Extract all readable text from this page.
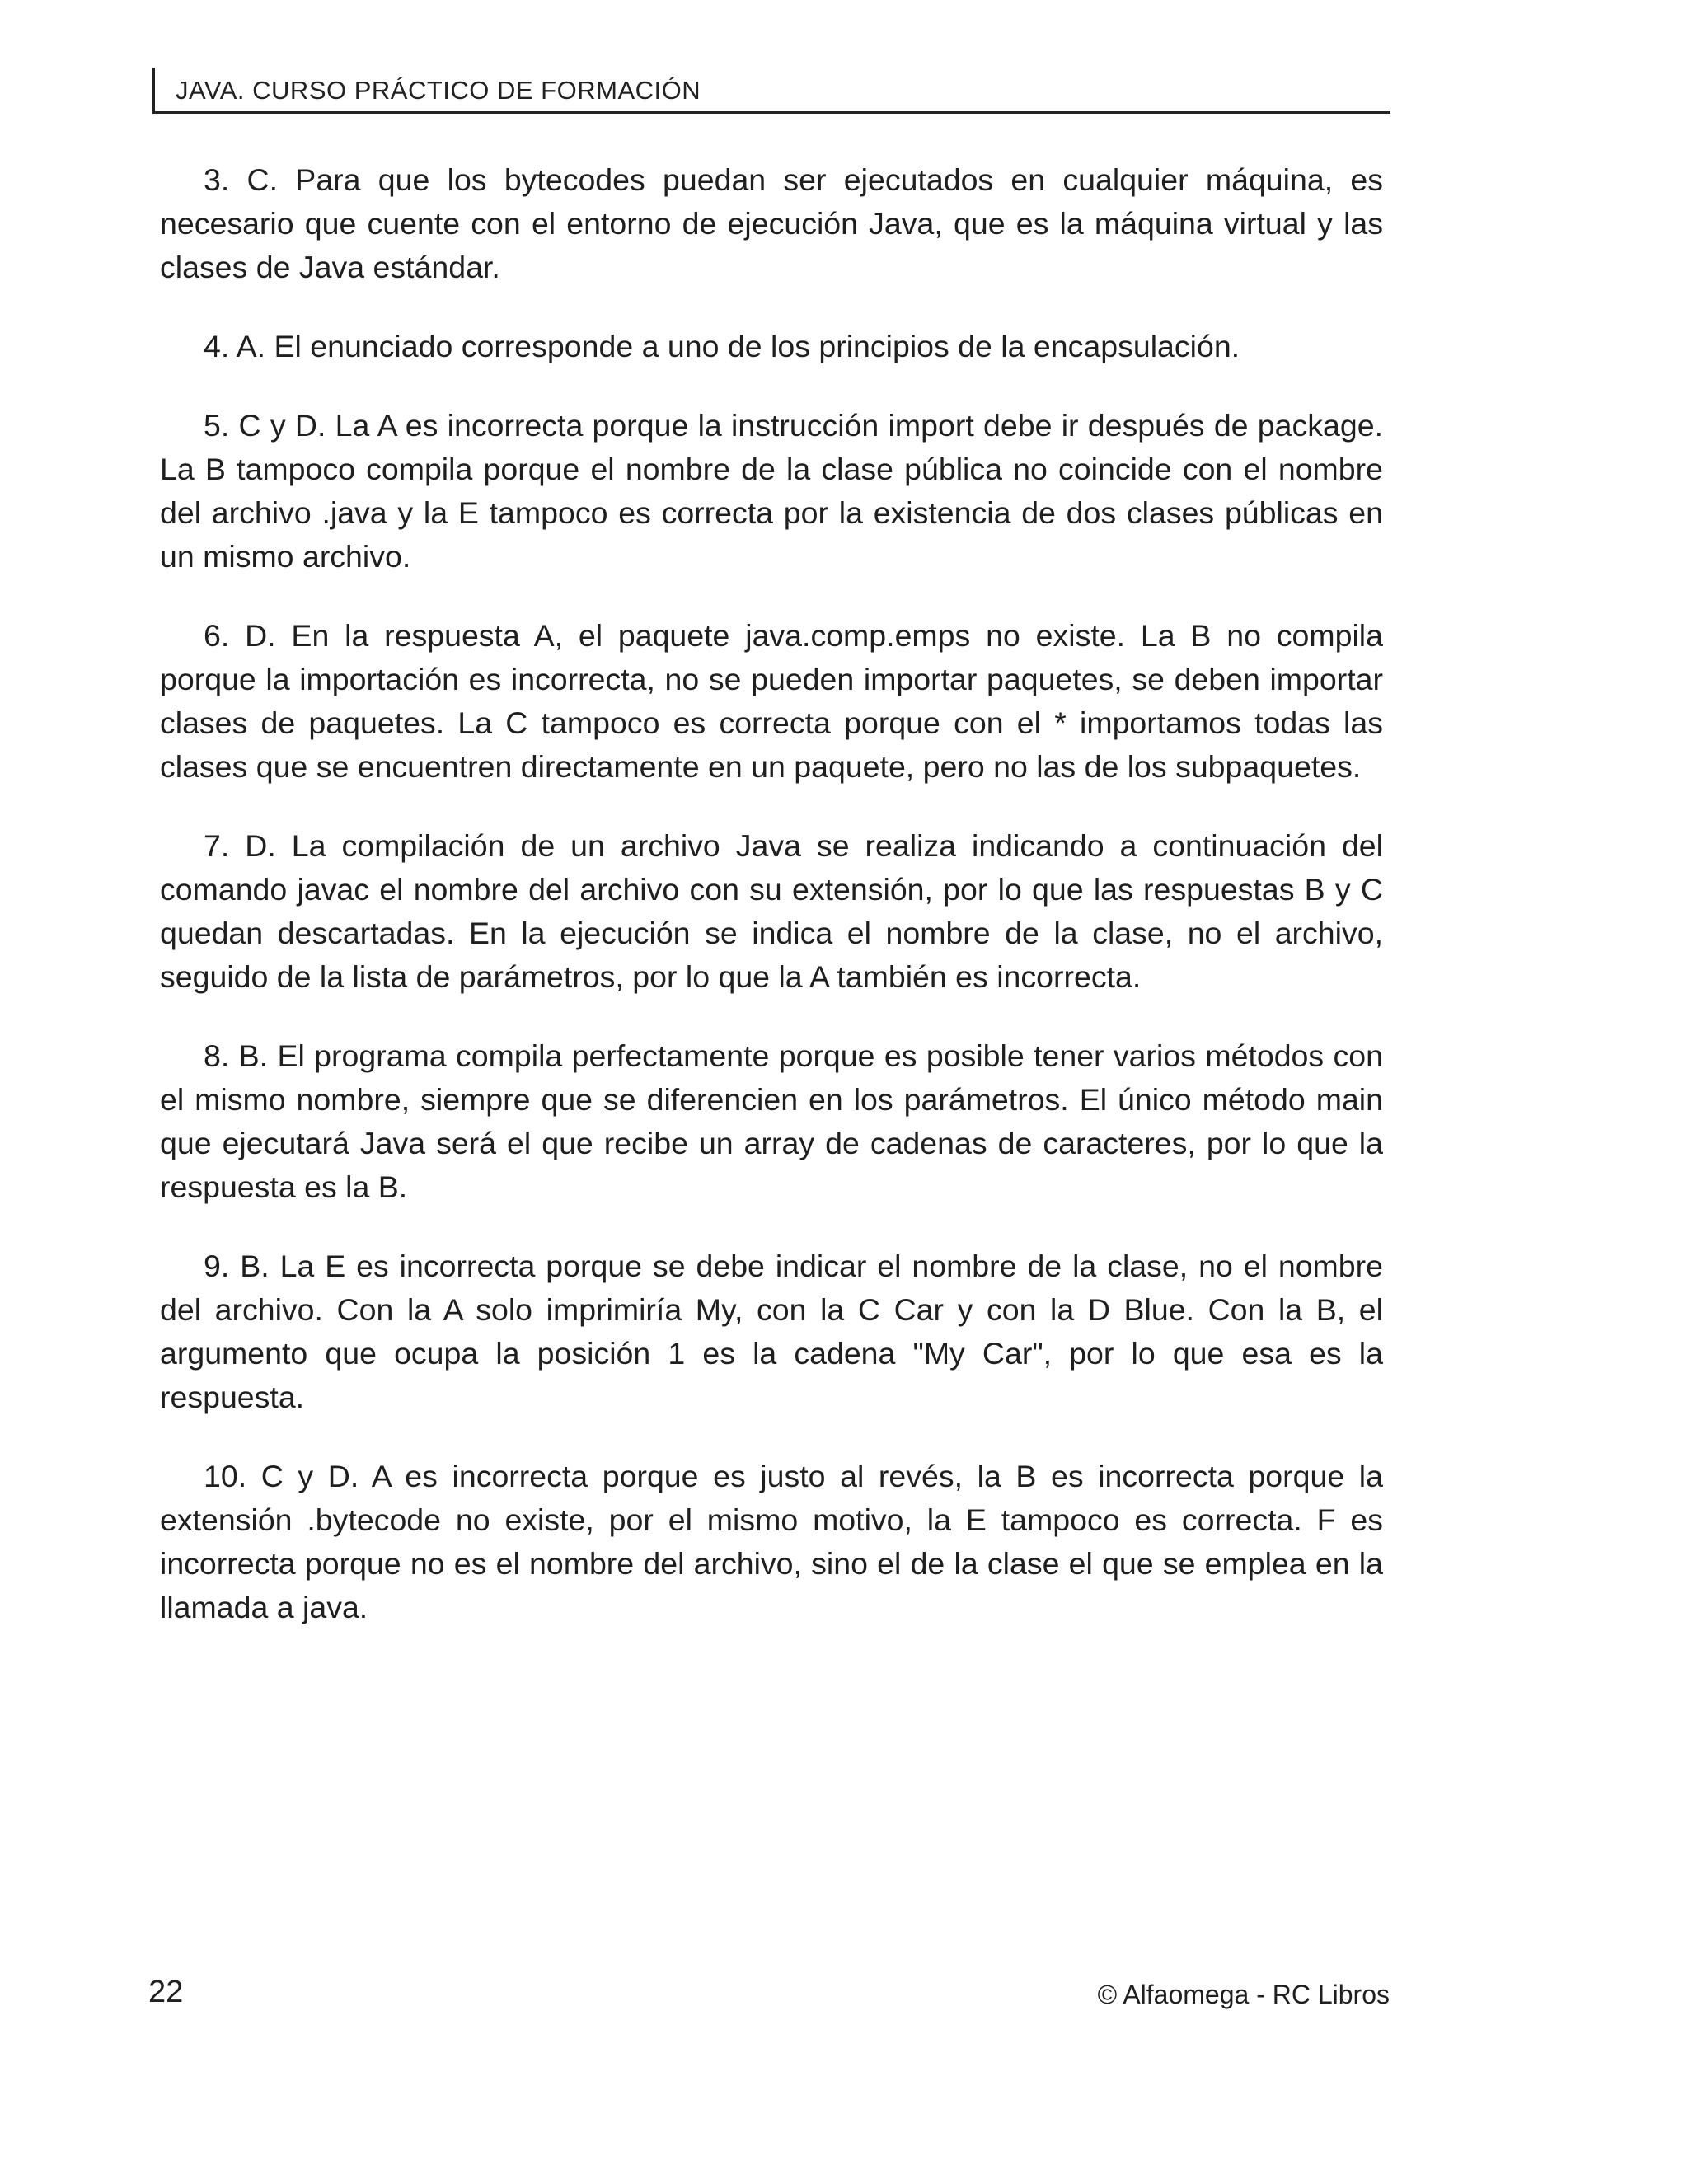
JAVA. CURSO PRÁCTICO DE FORMACIÓN

3. C. Para que los bytecodes puedan ser ejecutados en cualquier máquina, es necesario que cuente con el entorno de ejecución Java, que es la máquina virtual y las clases de Java estándar.

4. A. El enunciado corresponde a uno de los principios de la encapsulación.

5. C y D. La A es incorrecta porque la instrucción import debe ir después de package. La B tampoco compila porque el nombre de la clase pública no coincide con el nombre del archivo .java y la E tampoco es correcta por la existencia de dos clases públicas en un mismo archivo.

6. D. En la respuesta A, el paquete java.comp.emps no existe. La B no compila porque la importación es incorrecta, no se pueden importar paquetes, se deben importar clases de paquetes. La C tampoco es correcta porque con el * importamos todas las clases que se encuentren directamente en un paquete, pero no las de los subpaquetes.

7. D. La compilación de un archivo Java se realiza indicando a continuación del comando javac el nombre del archivo con su extensión, por lo que las respuestas B y C quedan descartadas. En la ejecución se indica el nombre de la clase, no el archivo, seguido de la lista de parámetros, por lo que la A también es incorrecta.

8. B. El programa compila perfectamente porque es posible tener varios métodos con el mismo nombre, siempre que se diferencien en los parámetros. El único método main que ejecutará Java será el que recibe un array de cadenas de caracteres, por lo que la respuesta es la B.

9. B. La E es incorrecta porque se debe indicar el nombre de la clase, no el nombre del archivo. Con la A solo imprimiría My, con la C Car y con la D Blue. Con la B, el argumento que ocupa la posición 1 es la cadena "My Car", por lo que esa es la respuesta.

10. C y D. A es incorrecta porque es justo al revés, la B es incorrecta porque la extensión .bytecode no existe, por el mismo motivo, la E tampoco es correcta. F es incorrecta porque no es el nombre del archivo, sino el de la clase el que se emplea en la llamada a java.

22	© Alfaomega - RC Libros
